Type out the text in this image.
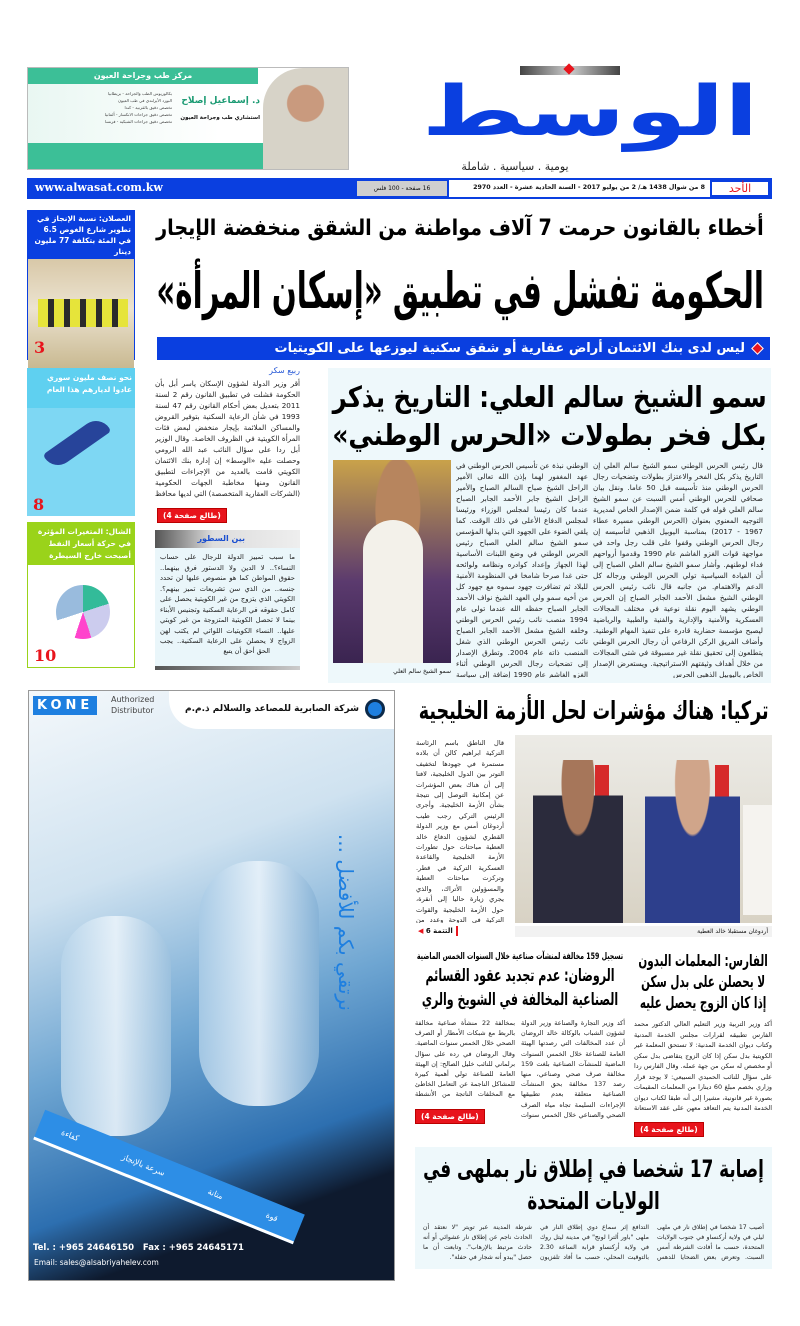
مركز طب وجراحة العيون
د. إسماعيل إصلاح
استشاري طب وجراحة العيون
بكالوريوس الطب والجراحة - بريطانيا
البورد الأيرلندي في طب العيون
تخصص دقيق بالقرنية - كندا
تخصص دقيق جراحات الانكسار - ألمانيا
تخصص دقيق جراحات الشبكية - فرنسا	الوسط
يومية . سياسية . شاملة
www.alwasat.com.kw	16 صفحة - 100 فلس	8 من شوال 1438 هـ/ 2 من يوليو 2017 - السنة الحادية عشرة - العدد 2970	الأحد
العصلان: نسبة الإنجاز في تطوير شارع الغوص 6.5 في المئة بتكلفة 77 مليون دينار
3
نحو نصف مليون سوري عادوا لديارهم هذا العام
8
الشال: المتغيرات المؤثرة في حركة أسعار النفط أصبحت خارج السيطرة
10
أخطاء بالقانون حرمت 7 آلاف مواطنة من الشقق منخفضة الإيجار
الحكومة تفشل في تطبيق «إسكان المرأة»
ليس لدى بنك الائتمان أراض عقارية أو شقق سكنية ليوزعها على الكويتيات
ربيع سكر
أقر وزير الدولة لشؤون الإسكان ياسر أبل بأن الحكومة فشلت في تطبيق القانون رقم 2 لسنة 2011 بتعديل بعض أحكام القانون رقم 47 لسنة 1993 في شأن الرعاية السكنية بتوفير القروض والمساكن الملائمة بإيجار منخفض لبعض فئات المرأة الكويتية في الظروف الخاصة. وقال الوزير أبل ردا على سؤال النائب عبد الله الرومي وحصلت عليه «الوسط» إن إدارة بنك الائتمان الكويتي قامت بالعديد من الإجراءات لتطبيق القانون ومنها مخاطبة الجهات الحكومية (الشركات العقارية المتخصصة) التي لديها محافظ
(طالع صفحة 4)
بين السطور
ما سبب تمييز الدولة للرجال على حساب النساء؟.. لا الدين ولا الدستور فرق بينهما.. حقوق المواطن كما هو منصوص عليها لن تحدد جنسه.. من الذي سن تشريعات تميز بينهم؟. الكويتي الذي يتزوج من غير الكويتية يحصل على كامل حقوقه في الرعاية السكنية وتجنيس الأبناء بينما لا تحصل الكويتية المتزوجة من غير كويتي عليها.. النساء الكويتيات اللواتي لم يكتب لهن الزواج لا يحصلن على الرعاية السكنية.. يجب
الحق أحق أن يتبع
سمو الشيخ سالم العلي: التاريخ يذكر
بكل فخر بطولات «الحرس الوطني»
قال رئيس الحرس الوطني سمو الشيخ سالم العلي إن التاريخ يذكر بكل الفخر والاعتزاز بطولات وتضحيات رجال الحرس الوطني منذ تأسيسه قبل 50 عاما. ونقل بيان صحافي للحرس الوطني أمس السبت عن سمو الشيخ سالم العلي قوله في كلمة ضمن الإصدار الخاص لمديرية التوجيه المعنوي بعنوان (الحرس الوطني مسيرة عطاء 1967 - 2017) بمناسبة اليوبيل الذهبي لتأسيسه إن رجال الحرس الوطني وقفوا على قلب رجل واحد في مواجهة قوات الغزو الغاشم عام 1990 وقدموا أرواحهم فداء لوطنهم. وأشار سمو الشيخ سالم العلي الصباح إلى أن القيادة السياسية تولي الحرس الوطني ورجاله كل الدعم والاهتمام. من جانبه قال نائب رئيس الحرس الوطني الشيخ مشعل الأحمد الجابر الصباح إن الحرس الوطني يشهد اليوم نقلة نوعية في مختلف المجالات العسكرية والأمنية والإدارية والفنية والطبية والرياضية ليصبح مؤسسة حضارية قادرة على تنفيذ المهام الوطنية. وأضاف الفريق الركن الرفاعي أن رجال الحرس الوطني يتطلعون إلى تحقيق نقلة غير مسبوقة في شتى المجالات من خلال أهداف وثيقتهم الاستراتيجية. ويستعرض الإصدار الخاص باليوبيل الذهبي الحرس
الوطني نبذة عن تأسيس الحرس الوطني في عهد المغفور لهما بإذن الله تعالى الأمير الراحل الشيخ صباح السالم الصباح والأمير الراحل الشيخ جابر الأحمد الجابر الصباح عندما كان رئيسا لمجلس الوزراء ورئيسا لمجلس الدفاع الأعلى في ذلك الوقت. كما يلقي الضوء على الجهود التي بذلها المؤسس سمو الشيخ سالم العلي الصباح رئيس الحرس الوطني في وضع اللبنات الأساسية لهذا الجهاز وإعداد كوادره ونظامه ولوائحه حتى غدا صرحا شامخا في المنظومة الأمنية للبلاد ثم تضافرت جهود سموه مع جهود كل من أخيه سمو ولي العهد الشيخ نواف الأحمد الجابر الصباح حفظه الله عندما تولى عام 1994 منصب نائب رئيس الحرس الوطني وخلفه الشيخ مشعل الأحمد الجابر الصباح نائب رئيس الحرس الوطني الذي شغل المنصب ذاته عام 2004. وتطرق الإصدار إلى تضحيات رجال الحرس الوطني أثناء الغزو الغاشم عام 1990 إضافة إلى سياسة
سمو الشيخ سالم العلي
KONE	Authorized
Distributor	شركة الصابرية للمصاعد والسلالم ذ.م.م
نرتقي بكم للأفضل ...
قوة
متانة
سرعة بالإنجاز
كفاءة
Tel. : +965 24646150   Fax : +965 24645171
Email: sales@alsabriyahelev.com
تركيا: هناك مؤشرات لحل الأزمة الخليجية
قال الناطق باسم الرئاسة التركية ابراهيم كالن أن بلاده مستمرة في جهودها لتخفيف التوتر بين الدول الخليجية، لافتا إلى أن هناك بعض المؤشرات عن إمكانية التوصل إلى نتيجة بشأن الأزمة الخليجية. وأجرى الرئيس التركي رجب طيب أردوغان أمس مع وزير الدولة القطري لشؤون الدفاع خالد العطية مباحثات حول تطورات الأزمة الخليجية والقاعدة العسكرية التركية في قطر. وتركزت مباحثات العطية والمسؤولين الأتراك، والذي يجري زيارة حاليا إلى أنقرة، حول الأزمة الخليجية والقوات التركية في الدوحة وعدد من
التتمة 6 ◀	أردوغان مستقبلا خالد العطية
الفارس: المعلمات البدون لا يحصلن على بدل سكن إذا كان الزوج يحصل عليه
أكد وزير التربية وزير التعليم العالي الدكتور محمد الفارس تطبيقه لقرارات مجلس الخدمة المدنية وكتاب ديوان الخدمة المدنية: لا تستحق المعلمة غير الكويتية بدل سكن إذا كان الزوج يتقاضى بدل سكن أو مخصص له سكن من جهة عمله. وقال الفارس ردا على سؤال للنائب الحميدي السبيعي: لا يوجد قرار وزاري بخصم مبلغ 60 دينارا من المعلمات المقيمات بصورة غير قانونية، مشيرا إلى أنه طبقا لكتاب ديوان الخدمة المدنية يتم التعاقد معهن على عقد الاستعانة
(طالع صفحة 4)
تسجيل 159 مخالفة لمنشآت صناعية خلال السنوات الخمس الماضية
الروضان: عدم تجديد عقود القسائم الصناعية المخالفة في الشويخ والري
أكد وزير التجارة والصناعة وزير الدولة لشؤون الشباب بالوكالة خالد الروضان أن عدد المخالفات التي رصدتها الهيئة العامة للصناعة خلال الخمس السنوات الماضية للمنشآت الصناعية بلغت 159 مخالفة صرف صحي وصناعي، منها رصد 137 مخالفة بحق المنشآت الصناعية متعلقة بعدم تطبيقها الإجراءات السليمة تجاه مياه الصرف الصحي والصناعي خلال الخمس سنوات
بمخالفة 22 منشأة صناعية مخالفة بالربط مع شبكات الأمطار أو الصرف الصحي خلال الخمس سنوات الماضية. وقال الروضان في رده على سؤال برلماني للنائب خليل الصالح: إن الهيئة العامة للصناعة تولي أهمية كبيرة للمشاكل الناجمة عن التعامل الخاطئ مع المخلفات الناتجة من الأنشطة
(طالع صفحة 4)
إصابة 17 شخصا في إطلاق نار بملهى في الولايات المتحدة
أصيب 17 شخصا في إطلاق نار في ملهى ليلي في ولاية أركنساو في جنوب الولايات المتحدة، حسب ما أفادت الشرطة أمس السبت. وتعرض بعض الضحايا للدهس
التدافع إثر سماع دوي إطلاق النار في ملهى "باور ألترا لونج" في مدينة ليتل روك في ولاية أركنساو قرابة الساعة 2.30 بالتوقيت المحلي، حسب ما أفاد تلفزيون
شرطة المدينة عبر تويتر "لا نعتقد أن الحادث ناجم عن إطلاق نار عشوائي أو أنه حادث مرتبط بالإرهاب". وتابعت أن ما حصل "يبدو أنه شجار في حفلة".
